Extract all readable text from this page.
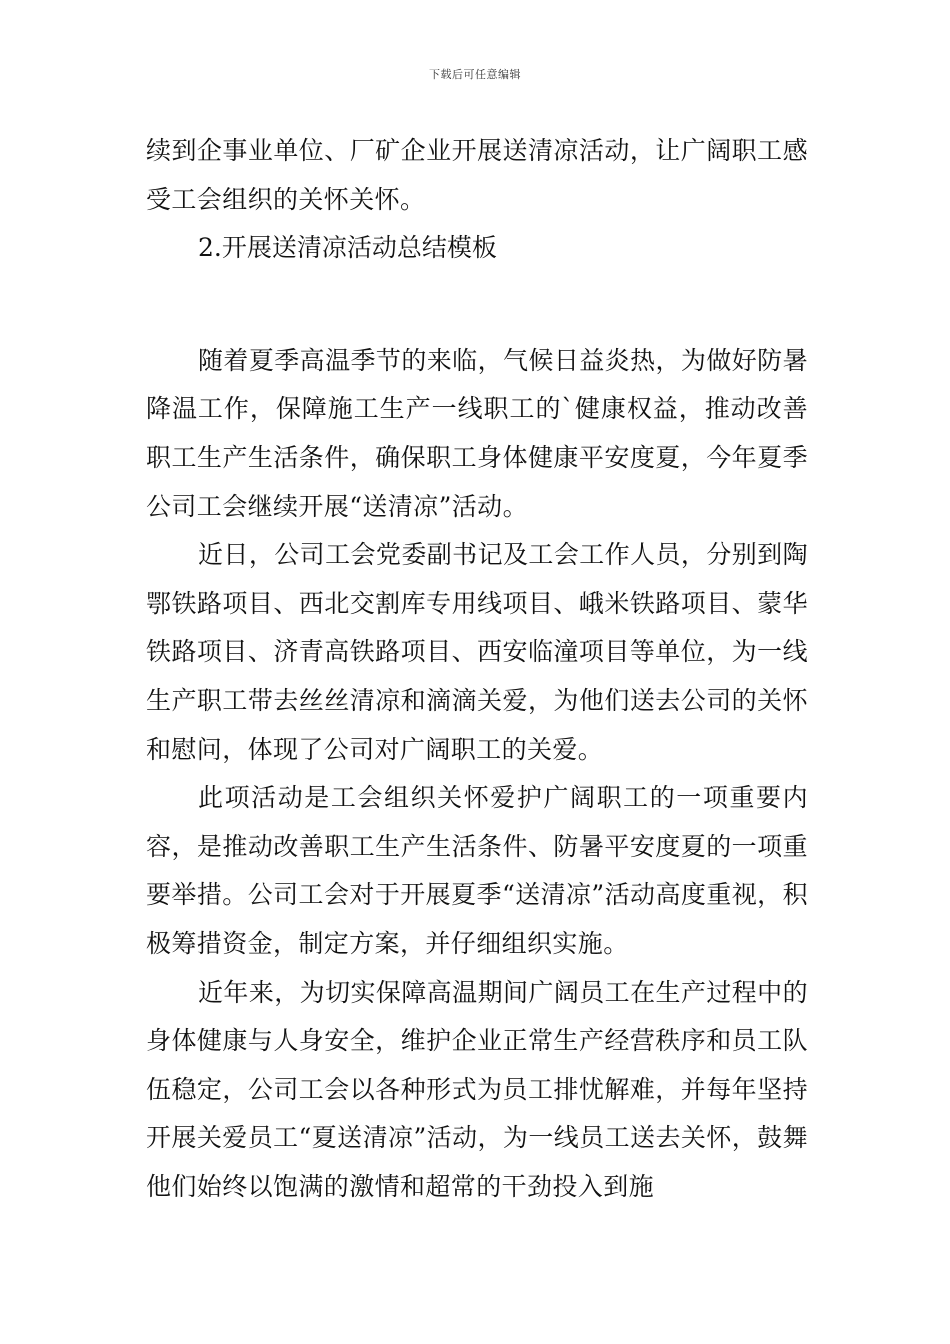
下载后可任意编辑

续到企事业单位、厂矿企业开展送清凉活动，让广阔职工感受工会组织的关怀关怀。

2.开展送清凉活动总结模板

随着夏季高温季节的来临，气候日益炎热，为做好防暑降温工作，保障施工生产一线职工的`健康权益，推动改善职工生产生活条件，确保职工身体健康平安度夏，今年夏季公司工会继续开展“送清凉”活动。

近日，公司工会党委副书记及工会工作人员，分别到陶鄂铁路项目、西北交割库专用线项目、峨米铁路项目、蒙华铁路项目、济青高铁路项目、西安临潼项目等单位，为一线生产职工带去丝丝清凉和滴滴关爱，为他们送去公司的关怀和慰问，体现了公司对广阔职工的关爱。

此项活动是工会组织关怀爱护广阔职工的一项重要内容，是推动改善职工生产生活条件、防暑平安度夏的一项重要举措。公司工会对于开展夏季“送清凉”活动高度重视，积极筹措资金，制定方案，并仔细组织实施。

近年来，为切实保障高温期间广阔员工在生产过程中的身体健康与人身安全，维护企业正常生产经营秩序和员工队伍稳定，公司工会以各种形式为员工排忧解难，并每年坚持开展关爱员工“夏送清凉”活动，为一线员工送去关怀，鼓舞他们始终以饱满的激情和超常的干劲投入到施
